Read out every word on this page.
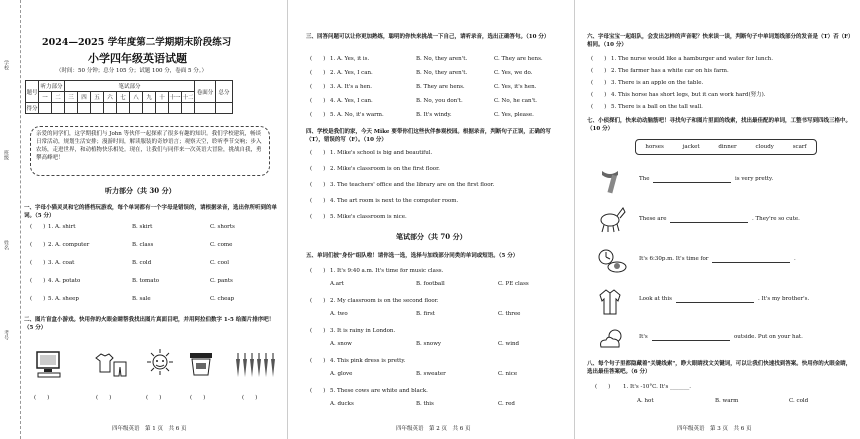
学校
班级
姓名
考号
2024—2025 学年度第二学期期末阶段练习
小学四年级英语试题
（时间：50 分钟；总分 105 分；试题 100 分，卷面 5 分。）
题号	听力部分		笔试部分										卷面分	总分
	一	二	三	四	五	六	七	八	九	十	十一	十二		
得分														
亲爱的同学们，这学期我们与 John 等伙伴一起探索了很多有趣的知识。我们学校建筑，畅谈日常活动，规划生活安排；漫游时间，解读服装的奇妙语言；观察天空，聆听季节交响；步入农场，走进世界，和动植物快乐相处。现在，让我们与同伴来一次英语大冒险，挑战自我，勇攀高峰吧！
听力部分（共 30 分）
一、字母小猫灵灵和它的搭档玩游戏，每个单词都有一个字母是错误的，请根据录音，选出你所听到的单词。（5 分）
二、图片盲盒小游戏。快用你的火眼金睛帮我找出图片真面目吧，并用阿拉伯数字 1-5 给图片排序吧！（5 分）
(　　)	(　　)	(　　)	(　　)	(　　)
四年级英语　第 1 页　共 6 页
(　　) 1. A. shirt	B. skirt	C. shorts
(　　) 2. A. computer	B. class	C. come
(　　) 3. A. coat	B. cold	C. cool
(　　) 4. A. potato	B. tomato	C. pants
(　　) 5. A. sheep	B. sale	C. cheap
三、回答问题可以让你更加熟练，聪明的你快来挑战一下自己，请听录音，选出正确答句。（10 分）
四、学校是我们的家，今天 Mike 要带你们这些伙伴参观校园。根据录音，判断句子正误，正确的写（T），错误的写（F）。（10 分）
笔试部分（共 70 分）
五、单词们披"身份"组队啦！请你选一选，选择与加线部分同类的单词或短语。（5 分）
四年级英语　第 2 页　共 6 页
(　　) 1. A. Yes, it is.	B. No, they aren't.	C. They are hens.
(　　) 2. A. Yes, I can.	B. No, they aren't.	C. Yes, we do.
(　　) 3. A. It's a hen.	B. They are hens.	C. Yes, it's hen.
(　　) 4. A. Yes, I can.	B. No, you don't.	C. No, he can't.
(　　) 5. A. No, it's warm.	B. It's windy.	C. Yes, please.
(　　) 1. Mike's school is big and beautiful.
(　　) 2. Mike's classroom is on the first floor.
(　　) 3. The teachers' office and the library are on the first floor.
(　　) 4. The art room is next to the computer room.
(　　) 5. Mike's classroom is nice.
(　　) 1. It's 9:40 a.m. It's time for music class.
A.art	B. football	C. PE class
(　　) 2. My classroom is on the second floor.
A. two	B. first	C. three
(　　) 3. It is rainy in London.
A. snow	B. snowy	C. wind
(　　) 4. This pink dress is pretty.
A. glove	B. sweater	C. nice
(　　) 5. These cows are white and black.
A. ducks	B. this	C. red
六、字母宝宝一起组队，会发出怎样的声音呢？快来读一读，判断句子中单词划线部分的发音是（T）否（F）相同。（10 分）
七、小侦探们，快来动动脑筋吧！寻找句子和图片里面的线索，找出最佳配的单词，工整书写到四线三格中。（10 分）
horses	jacket	dinner	cloudy	scarf
八、每个句子里都隐藏着"关键线索"，睁大眼睛找文关键词，可以让我们快速找到答案。快用你的火眼金睛，选出最佳答案吧。（6 分）
(　　) 1. It's -10°C. It's _______.
A. hot	B. warm	C. cold
四年级英语　第 3 页　共 6 页
(　　) 1. The nurse would like a hamburger and water for lunch.
(　　) 2. The farmer has a white car on his farm.
(　　) 3. There is an apple on the table.
(　　) 4. This horse has short legs, but it can work hard(努力).
(　　) 5. There is a ball on the tall wall.
The	is very pretty.
These are	. They're so cute.
It's 6:30p.m. It's time for	.
Look at this	. It's my brother's.
It's	outside. Put on your hat.
